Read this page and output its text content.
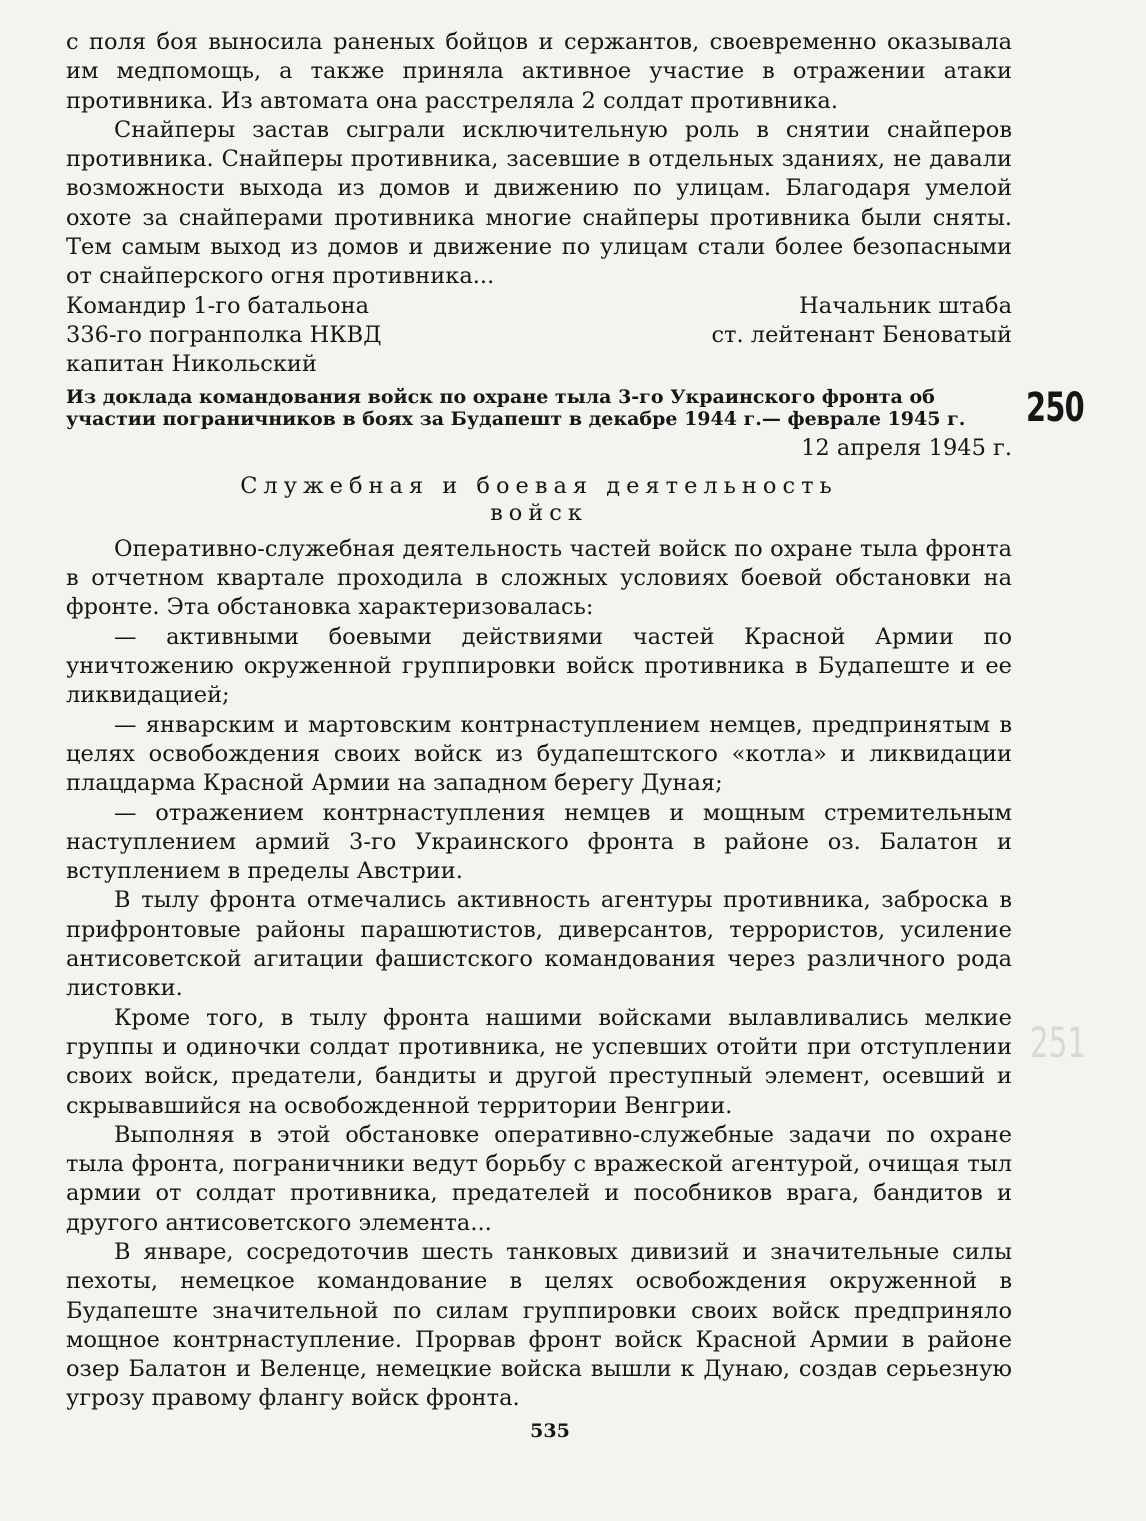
с поля боя выносила раненых бойцов и сержантов, своевременно оказывала им медпомощь, а также приняла активное участие в отражении атаки противника. Из автомата она расстреляла 2 солдат противника.

Снайперы застав сыграли исключительную роль в снятии снайперов противника. Снайперы противника, засевшие в отдельных зданиях, не давали возможности выхода из домов и движению по улицам. Благодаря умелой охоте за снайперами противника многие снайперы противника были сняты. Тем самым выход из домов и движение по улицам стали более безопасными от снайперского огня противника...

Командир 1-го батальона	Начальник штаба
336-го погранполка НКВД	ст. лейтенант Беноватый
капитан Никольский

Из доклада командования войск по охране тыла 3-го Украинского фронта об участии пограничников в боях за Будапешт в декабре 1944 г.— феврале 1945 г.

12 апреля 1945 г.

Служебная и боевая деятельность
войск

Оперативно-служебная деятельность частей войск по охране тыла фронта в отчетном квартале проходила в сложных условиях боевой обстановки на фронте. Эта обстановка характеризовалась:

— активными боевыми действиями частей Красной Армии по уничтожению окруженной группировки войск противника в Будапеште и ее ликвидацией;

— январским и мартовским контрнаступлением немцев, предпринятым в целях освобождения своих войск из будапештского «котла» и ликвидации плацдарма Красной Армии на западном берегу Дуная;

— отражением контрнаступления немцев и мощным стремительным наступлением армий 3-го Украинского фронта в районе оз. Балатон и вступлением в пределы Австрии.

В тылу фронта отмечались активность агентуры противника, заброска в прифронтовые районы парашютистов, диверсантов, террористов, усиление антисоветской агитации фашистского командования через различного рода листовки.

Кроме того, в тылу фронта нашими войсками вылавливались мелкие группы и одиночки солдат противника, не успевших отойти при отступлении своих войск, предатели, бандиты и другой преступный элемент, осевший и скрывавшийся на освобожденной территории Венгрии.

Выполняя в этой обстановке оперативно-служебные задачи по охране тыла фронта, пограничники ведут борьбу с вражеской агентурой, очищая тыл армии от солдат противника, предателей и пособников врага, бандитов и другого антисоветского элемента...

В январе, сосредоточив шесть танковых дивизий и значительные силы пехоты, немецкое командование в целях освобождения окруженной в Будапеште значительной по силам группировки своих войск предприняло мощное контрнаступление. Прорвав фронт войск Красной Армии в районе озер Балатон и Веленце, немецкие войска вышли к Дунаю, создав серьезную угрозу правому флангу войск фронта.

250
251
535
